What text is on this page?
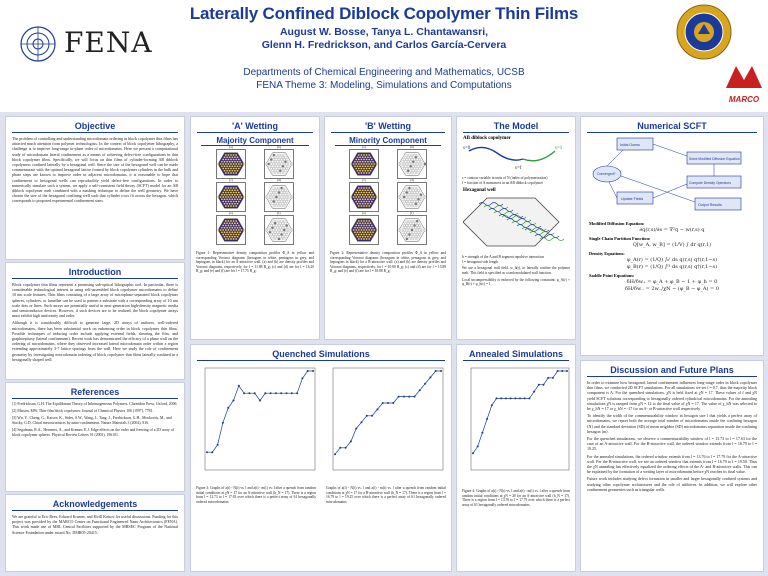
FENA
Laterally Confined Diblock Copolymer Thin Films
August W. Bosse, Tanya L. Chantawansri,
Glenn H. Fredrickson, and Carlos García-Cervera
Departments of Chemical Engineering and Mathematics, UCSB
FENA Theme 3: Modeling, Simulations and Computations
MARCO
Objective
The problem of controlling and understanding microdomain ordering in block copolymer thin films has attracted much attention from polymer technologists. In the context of block copolymer lithography, a challenge is to improve long-range in-plane order of microdomains. Here we present a computational study of microdomain lateral confinement as a means of achieving defect-free configurations in thin block copolymer films. Specifically, we will focus on thin films of cylinder-forming AB diblock copolymers confined laterally by a hexagonal well. Since the size of the hexagonal well can be made commensurate with the optimal hexagonal lattice formed by block copolymer cylinders in the bulk and phase steps are known to improve order in adjacent microdomains, it is reasonable to hope that confinement to hexagonal wells can reproducibly yield defect-free configurations. In order to numerically simulate such a system, we apply a self-consistent field theory (SCFT) model for an AB diblock copolymer melt combined with a masking technique to define the well geometry. We have chosen the size of the hexagonal confining well such that cylinder rows fit across the hexagon, which corresponds to proposed experimental confinement sizes.
Introduction
Block copolymer thin films represent a promising sub-optical lithographic tool. In particular, there is considerable technological interest in using self-assembled block copolymer microdomains to define 10 nm scale features. Thin films consisting of a large array of microphase-separated block copolymer spheres, cylinders, or lamellae can be used to pattern a substrate with a corresponding array of 10 nm scale dots or lines. Such arrays are potentially useful in next-generation high-density magnetic media and semiconductor devices. However, if such devices are to be realized, the block copolymer arrays must exhibit high uniformity and order.
Although it is considerably difficult to generate large, 2D arrays of uniform, well-ordered microdomains, there has been substantial work on enhancing order in block copolymer thin films. Possible techniques of inducing order include applying external fields, shearing the film, and graphoepitaxy (lateral confinement). Recent work has demonstrated the efficacy of a phase wall on the ordering of microdomains, where they observed increased lateral microdomain order within a region extending approximately 3-7 lattice spacings from the wall. Here we study the role of confinement geometry by investigating microdomain ordering of block copolymer thin films laterally confined in a hexagonally shaped well.
References
[1] Fredrickson, G.H. The Equilibrium Theory of Inhomogeneous Polymers. Clarendon Press, Oxford, 2006.
[2] Matsen, MW. Thin-film block copolymer. Journal of Chemical Physics 106 (1997), 7781.
[3] Wu, Y., Cheng, G., Katsov, K., Sides, S.W., Wang, J., Tang, J., Fredrickson, G.H., Moskovits, M., and Stucky, G.D. Chiral mesostructures by nano-confinement. Nature Materials 3 (2004), 816.
[4] Segalman, R.A., Hexemer, A., and Kramer, E.J. Edge effects on the order and freezing of a 2D array of block copolymer spheres. Physical Review Letters 91 (2003), 196101.
Acknowledgements
We are grateful to Eric Rees, Edward Kramer, and Kirill Katsov for useful discussions. Funding for this project was provided by the MARCO Center on Functional Engineered Nano Architectonics (FENA). This work made use of MRL Central Facilities supported by the MRSEC Program of the National Science Foundation under award No. DMR05-20415.
'A' Wetting
Majority Component
(a)	(b)
(c)	(d)
(e)	(f)
Figure 1: Representative density composition profiles Φ_A in yellow and corresponding Voronoi diagrams (hexagons in white, pentagons in grey, and heptagons in black) for an A-attractive wall. (a) and (b) are density profiles and Voronoi diagrams, respectively, for l = 11.88 R_g; (c) and (d) are for l = 16.20 R_g; and (e) and (f) are for l = 17.75 R_g.
'B' Wetting
Minority Component
(a)	(b)
(c)	(d)
(e)	(f)
Figure 2: Representative density composition profiles Φ_A in yellow and corresponding Voronoi diagrams (hexagons in white, pentagons in grey, and heptagons in black) for a B-attractive wall. (a) and (b) are density profiles and Voronoi diagrams, respectively, for l = 10.80 R_g; (c) and (d) are for l = 15.88 R_g; and (e) and (f) are for l = 18.88 R_g.
The Model
AB diblock copolymer
s=0
s=f
s=1
s = contour variable in units of N (index of polymerization)
f = fraction of A monomers in an AB diblock copolymer
Hexagonal well
h = strength of the A and B segment repulsive interaction
l = hexagonal side length
We use a hexagonal wall field, w_h(r), to laterally confine the polymer melt. This field is specified as a tanh modulated wall function.
Local incompressibility is enforced by the following constraint: φ_A(r) + φ_B(r) + φ_h(r) = 1.
Numerical SCFT
Initial Guess
Solve Modified Diffusion Equation
Compute Density Operators
Update Fields
Converged?
Output Results
Modified Diffusion Equation:
∂q(r,s)/∂s = ∇²q − w(r,s) q
Single Chain Partition Function:
Q[w_A, w_B] = (1/V) ∫ dr q(r,1)
Density Equations:
φ_A(r) = (1/Q) ∫₀ᶠ ds q(r,s) q†(r,1−s)
φ_B(r) = (1/Q) ∫ᶠ¹ ds q(r,s) q†(r,1−s)
Saddle Point Equations:
δH/δw₊ = φ_A + φ_B − 1 + φ_h = 0
δH/δw₋ = 2w₋/χN − (φ_B − φ_A) = 0
Quenched Simulations
Figure 3: Graphs of a(t) - N(t) vs. l and a(t) - m(t) vs. l after a quench from random initial conditions at χN = 17 for an A-attractive wall (h_N = 17). There is a region from l = 13.73 to l = 17.63 over which there is a perfect array of 61 hexagonally ordered microdomains.
Graphs of a(t) - N(t) vs. l and a(t) - m(t) vs. l after a quench from random initial conditions at χN = 17 for a B-attractive wall (h_N = 17). There is a region from l = 16.79 to l = 19.25 over which there is a perfect array of 61 hexagonally ordered microdomains.
Annealed Simulations
Figure 4: Graphs of a(t) - N(t) vs. l and a(t) - m(t) vs. l after a quench from random initial conditions at χN = 20 for an A-attractive wall (h_N = 17). There is a region from l = 13.76 to l = 17.79 over which there is a perfect array of 61 hexagonally ordered microdomains.
Discussion and Future Plans
In order to examine how hexagonal, lateral confinement influences long-range order in block copolymer thin films, we conducted 2D SCFT simulations. For all simulations we set f = 0.7, thus the majority block component is A. For the quenched simulations, χN is held fixed at χN = 17. These values of f and χN yield SCFT solutions corresponding to hexagonally ordered cylindrical microdomains. For the annealing simulations χN is ramped from χN = 12 to the final value of χN = 17. The value of χ_hN was selected to be χ_hN = 17 or χ_hN = -17 for an A- or B-attractive wall respectively.
To identify the width of the commensurability window in hexagon size l that yields a perfect array of microdomains, we report both the average total number of microdomains inside the confining hexagon ⟨N⟩ and the standard deviation (SD) of mean neighbor (SD) microdomains separation inside the confining hexagon ⟨m⟩.
For the quenched simulations, we observe a commensurability window of l = 13.73 to l = 17.63 for the case of an A-attractive wall. For the B-attractive wall, the ordered window extends from l = 16.79 to l = 19.25.
For the annealed simulations, the ordered window extends from l = 13.76 to l = 17.79 for the A-attractive wall. For the B-attractive wall, we see an ordered window that extends from l = 16.79 to l = 19.50. Thus the χN annealing has effectively equalized the ordering effects of the A- and B-attractive walls. This can be explained by the formation of a wetting layer of microdomains before χN reaches its final value.
Future work includes studying defect formation in smaller and larger hexagonally confined systems and studying other copolymer architectures and the role of additives. In addition, we will explore other confinement geometries such as triangular wells.
